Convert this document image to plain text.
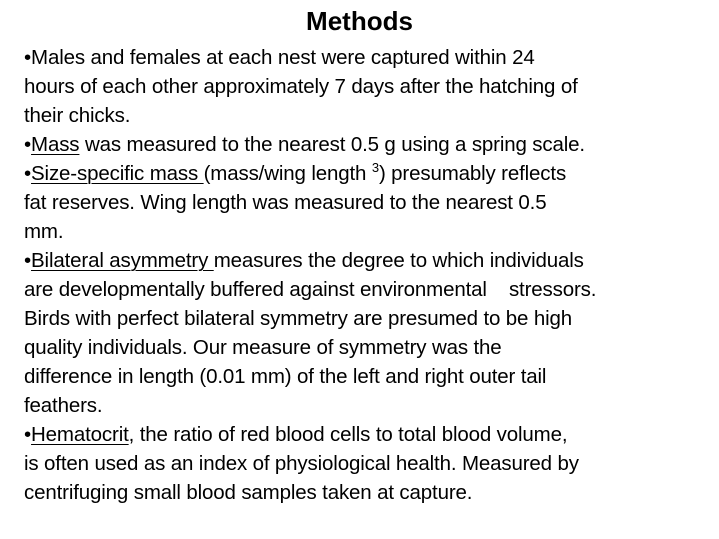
Methods
•Males and females at each nest were captured within 24
hours of each other approximately 7 days after the hatching of
their chicks.
•Mass was measured to the nearest 0.5 g using a spring scale.
•Size-specific mass (mass/wing length $^3$) presumably reflects
fat reserves. Wing length was measured to the nearest 0.5
mm.
•Bilateral asymmetry measures the degree to which individuals
are developmentally buffered against environmental    stressors.
Birds with perfect bilateral symmetry are presumed to be high
quality individuals. Our measure of symmetry was the
difference in length (0.01 mm) of the left and right outer tail
feathers.
•Hematocrit, the ratio of red blood cells to total blood volume,
is often used as an index of physiological health. Measured by
centrifuging small blood samples taken at capture.
